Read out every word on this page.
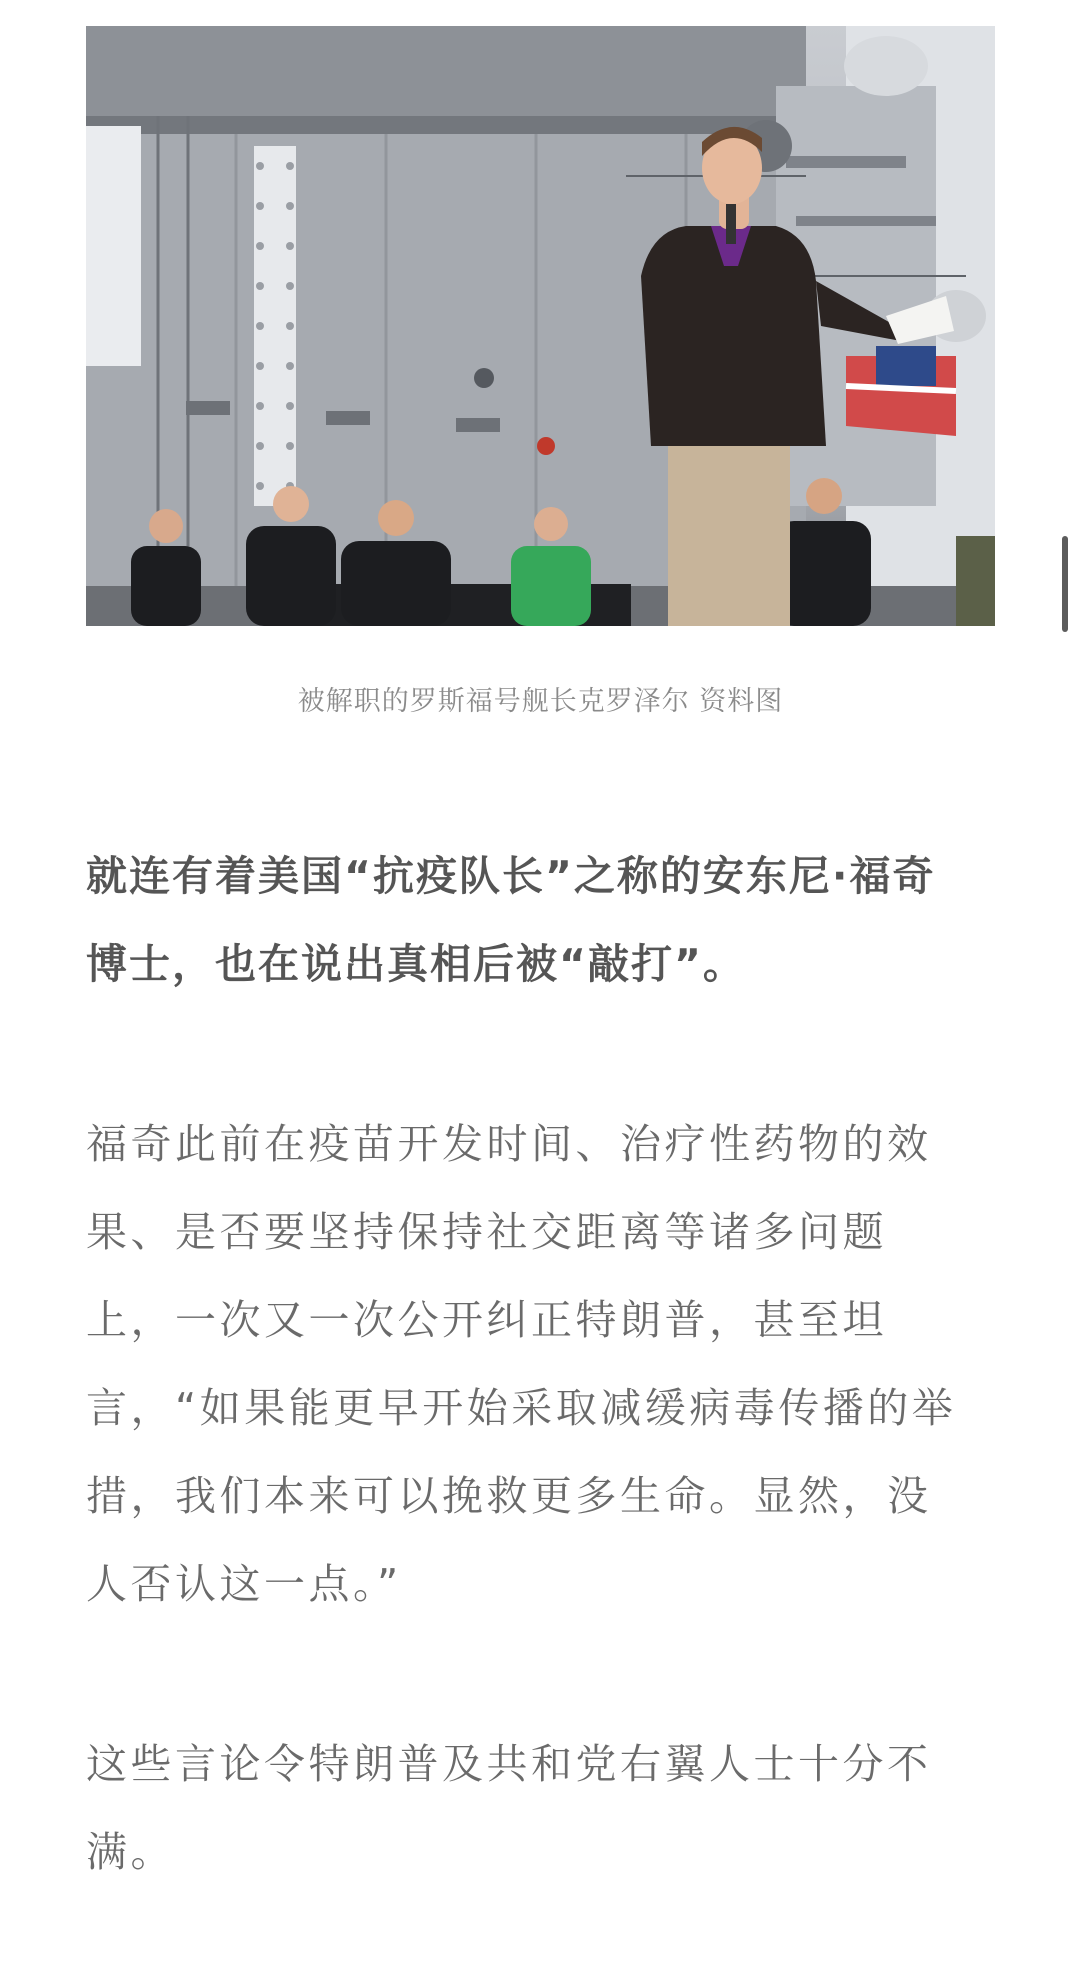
被解职的罗斯福号舰长克罗泽尔 资料图

就连有着美国“抗疫队长”之称的安东尼·福奇
博士，也在说出真相后被“敲打”。

福奇此前在疫苗开发时间、治疗性药物的效
果、是否要坚持保持社交距离等诸多问题
上，一次又一次公开纠正特朗普，甚至坦
言，“如果能更早开始采取减缓病毒传播的举
措，我们本来可以挽救更多生命。显然，没
人否认这一点。”

这些言论令特朗普及共和党右翼人士十分不
满。
